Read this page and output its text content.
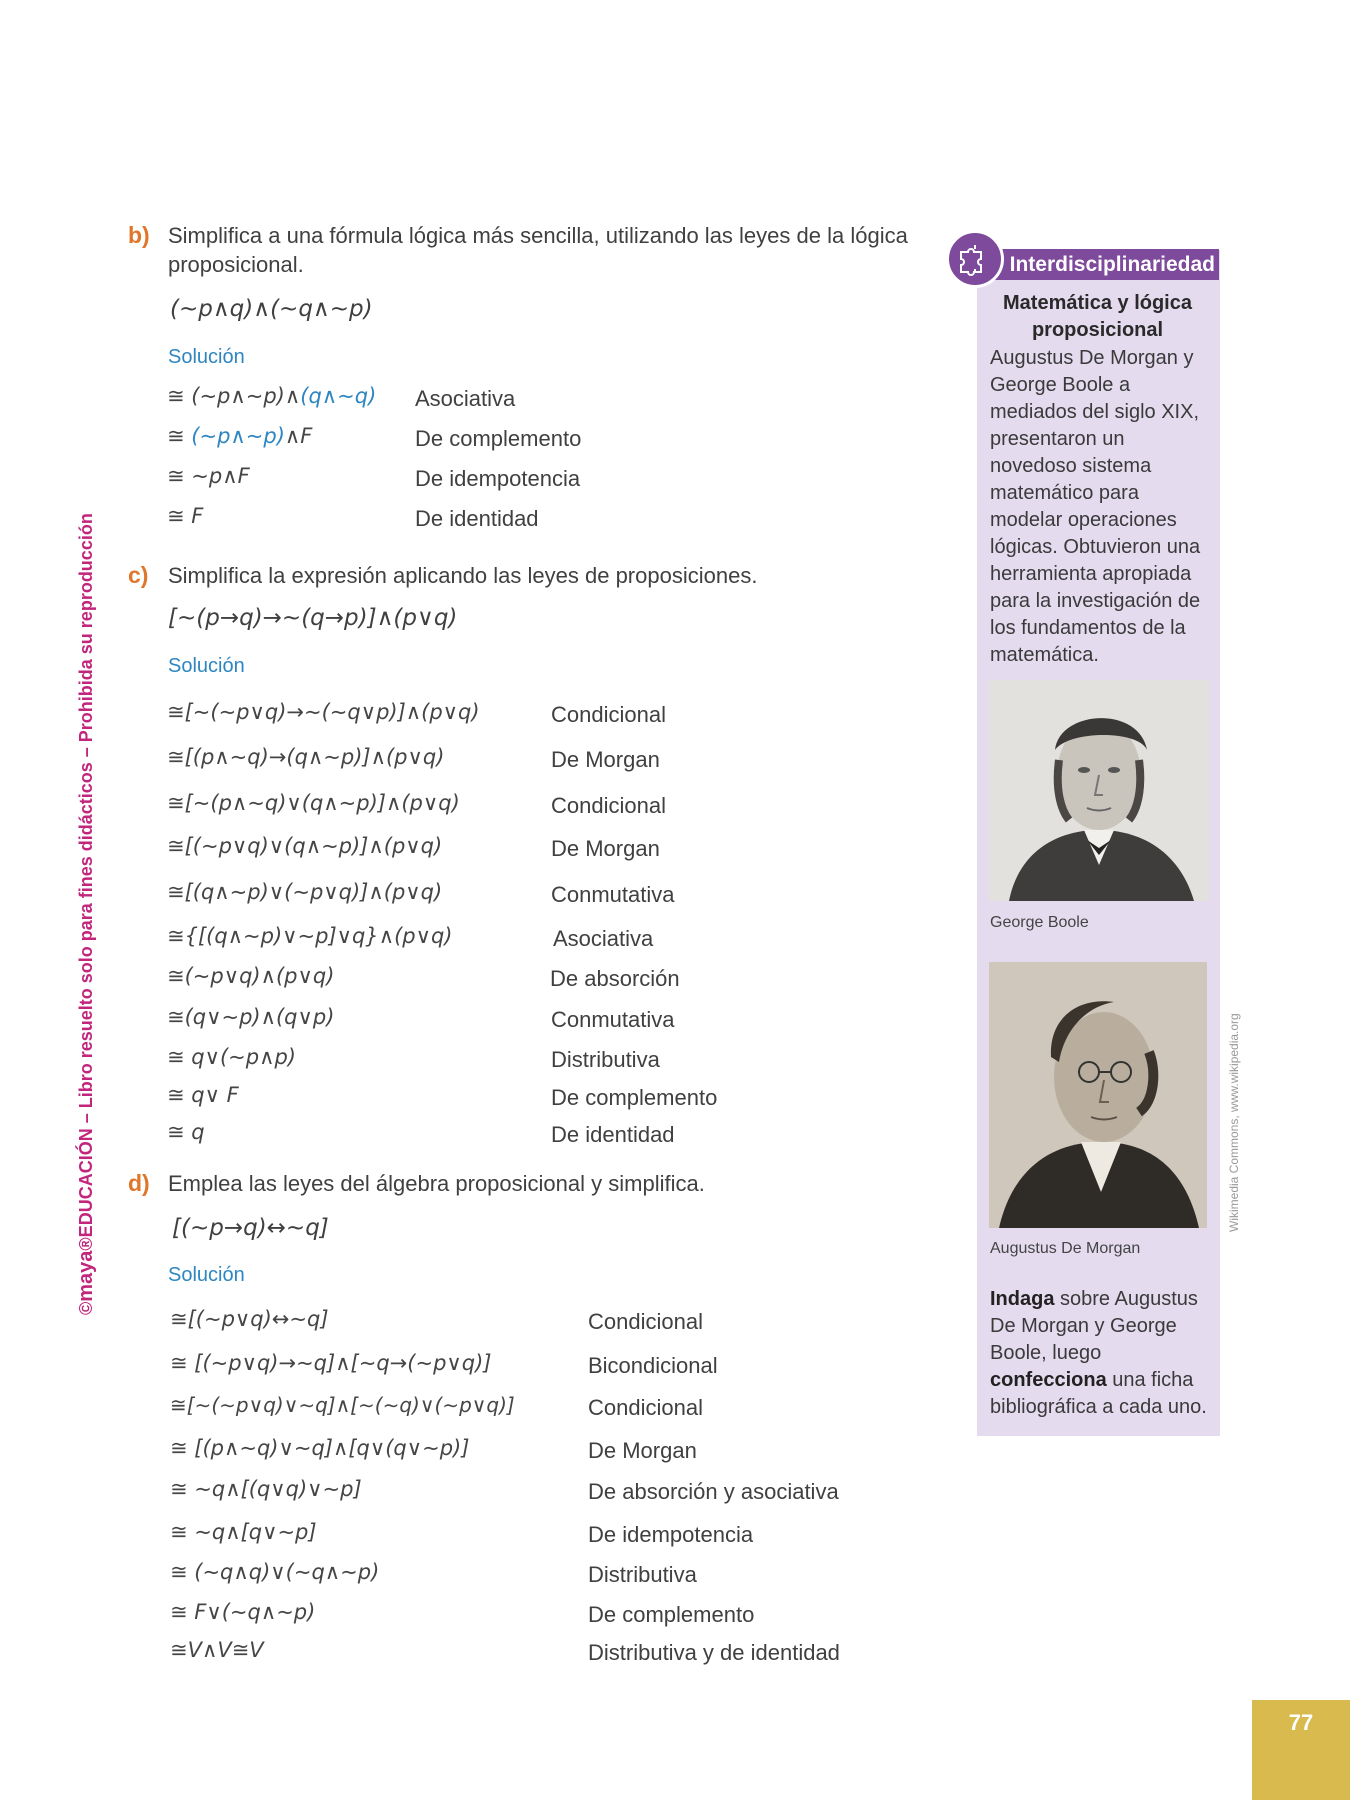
©maya®EDUCACIÓN – Libro resuelto solo para fines didácticos – Prohibida su reproducción
b) Simplifica a una fórmula lógica más sencilla, utilizando las leyes de la lógica proposicional.
(∼p∧q)∧(∼q∧∼p)
Solución
≅ (∼p∧∼p)∧(q∧∼q) Asociativa
≅ (∼p∧∼p)∧F	De complemento
≅ ∼p∧F	De idempotencia
≅ F	De identidad
c) Simplifica la expresión aplicando las leyes de proposiciones.
[∼(p→q)→∼(q→p)]∧(p∨q)
Solución
≅[∼(∼p∨q)→∼(∼q∨p)]∧(p∨q)	Condicional
≅[(p∧∼q)→(q∧∼p)]∧(p∨q)	De Morgan
≅[∼(p∧∼q)∨(q∧∼p)]∧(p∨q)	Condicional
≅[(∼p∨q)∨(q∧∼p)]∧(p∨q)	De Morgan
≅[(q∧∼p)∨(∼p∨q)]∧(p∨q)	Conmutativa
≅{[(q∧∼p)∨∼p]∨q}∧(p∨q)	Asociativa
≅(∼p∨q)∧(p∨q)	De absorción
≅(q∨∼p)∧(q∨p)	Conmutativa
≅ q∨(∼p∧p)	Distributiva
≅ q∨ F	De complemento
≅ q	De identidad
d) Emplea las leyes del álgebra proposicional y simplifica.
[(∼p→q)↔∼q]
Solución
≅[(∼p∨q)↔∼q]	Condicional
≅ [(∼p∨q)→∼q]∧[∼q→(∼p∨q)]	Bicondicional
≅[∼(∼p∨q)∨∼q]∧[∼(∼q)∨(∼p∨q)]	Condicional
≅ [(p∧∼q)∨∼q]∧[q∨(q∨∼p)]	De Morgan
≅ ∼q∧[(q∨q)∨∼p]	De absorción y asociativa
≅ ∼q∧[q∨∼p]	De idempotencia
≅ (∼q∧q)∨(∼q∧∼p)	Distributiva
≅ F∨(∼q∧∼p)	De complemento
≅V∧V≅V	Distributiva y de identidad
Interdisciplinariedad
Matemática y lógica proposicional
Augustus De Morgan y George Boole a mediados del siglo XIX, presentaron un novedoso sistema matemático para modelar operaciones lógicas. Obtuvieron una herramienta apropiada para la investigación de los fundamentos de la matemática.
George Boole
Augustus De Morgan
Indaga sobre Augustus De Morgan y George Boole, luego confecciona una ficha bibliográfica a cada uno.
Wikimedia Commons, www.wikipedia.org
77
